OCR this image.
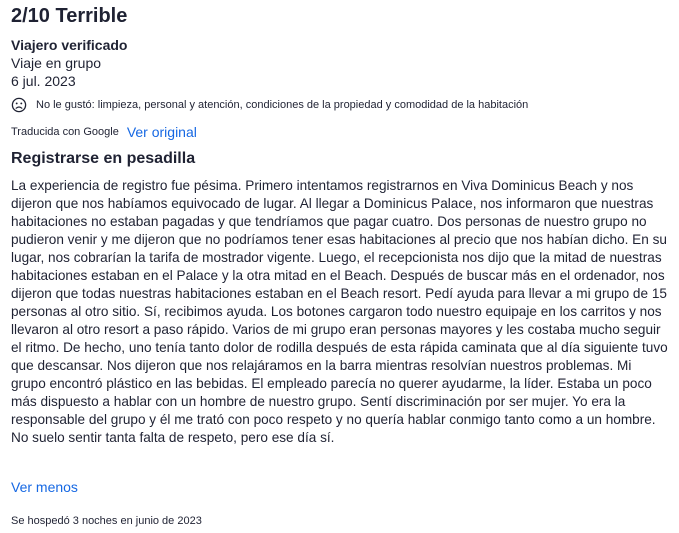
2/10 Terrible
Viajero verificado
Viaje en grupo
6 jul. 2023
No le gustó: limpieza, personal y atención, condiciones de la propiedad y comodidad de la habitación
Traducida con Google Ver original
Registrarse en pesadilla

La experiencia de registro fue pésima. Primero intentamos registrarnos en Viva Dominicus Beach y nos dijeron que nos habíamos equivocado de lugar. Al llegar a Dominicus Palace, nos informaron que nuestras habitaciones no estaban pagadas y que tendríamos que pagar cuatro. Dos personas de nuestro grupo no pudieron venir y me dijeron que no podríamos tener esas habitaciones al precio que nos habían dicho. En su lugar, nos cobrarían la tarifa de mostrador vigente. Luego, el recepcionista nos dijo que la mitad de nuestras habitaciones estaban en el Palace y la otra mitad en el Beach. Después de buscar más en el ordenador, nos dijeron que todas nuestras habitaciones estaban en el Beach resort. Pedí ayuda para llevar a mi grupo de 15 personas al otro sitio. Sí, recibimos ayuda. Los botones cargaron todo nuestro equipaje en los carritos y nos llevaron al otro resort a paso rápido. Varios de mi grupo eran personas mayores y les costaba mucho seguir el ritmo. De hecho, uno tenía tanto dolor de rodilla después de esta rápida caminata que al día siguiente tuvo que descansar. Nos dijeron que nos relajáramos en la barra mientras resolvían nuestros problemas. Mi grupo encontró plástico en las bebidas. El empleado parecía no querer ayudarme, la líder. Estaba un poco más dispuesto a hablar con un hombre de nuestro grupo. Sentí discriminación por ser mujer. Yo era la responsable del grupo y él me trató con poco respeto y no quería hablar conmigo tanto como a un hombre. No suelo sentir tanta falta de respeto, pero ese día sí.

Ver menos
Se hospedó 3 noches en junio de 2023
